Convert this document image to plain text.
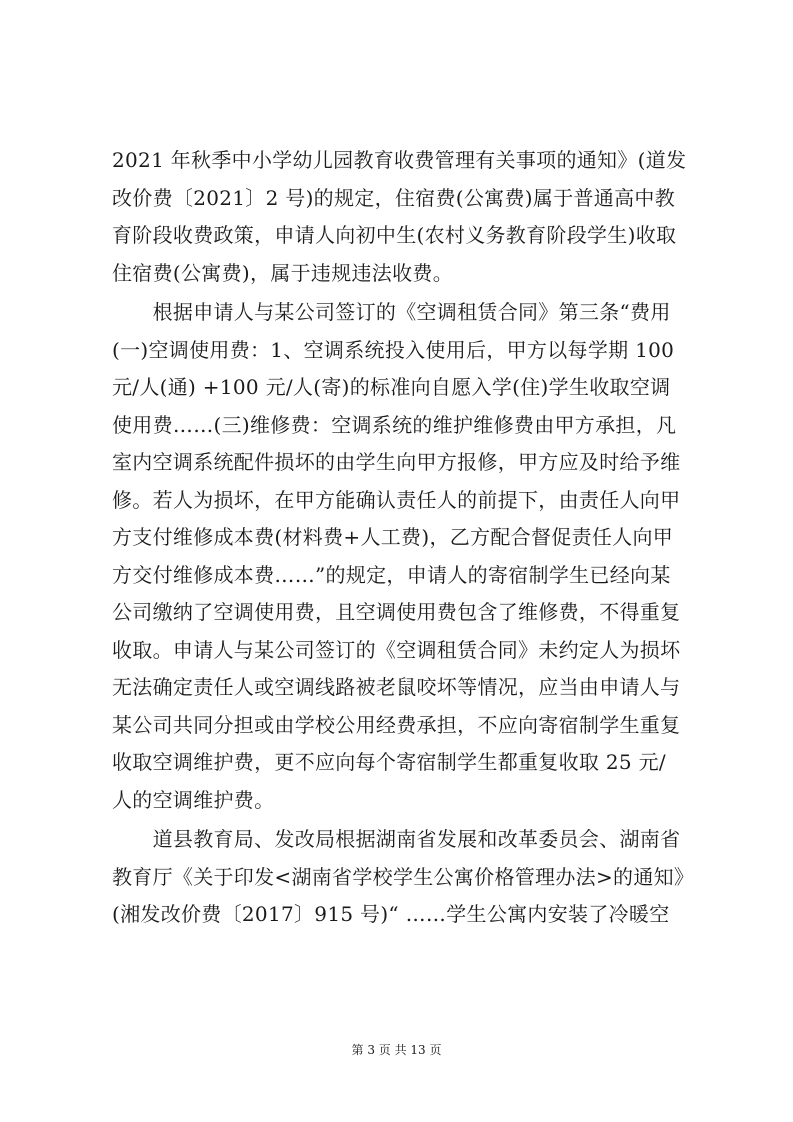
2021 年秋季中小学幼儿园教育收费管理有关事项的通知》(道发
改价费〔2021〕2 号)的规定，住宿费(公寓费)属于普通高中教
育阶段收费政策，申请人向初中生(农村义务教育阶段学生)收取
住宿费(公寓费)，属于违规违法收费。
　　根据申请人与某公司签订的《空调租赁合同》第三条“费用
(一)空调使用费：1、空调系统投入使用后，甲方以每学期 100
元/人(通) +100 元/人(寄)的标准向自愿入学(住)学生收取空调
使用费……(三)维修费：空调系统的维护维修费由甲方承担，凡
室内空调系统配件损坏的由学生向甲方报修，甲方应及时给予维
修。若人为损坏，在甲方能确认责任人的前提下，由责任人向甲
方支付维修成本费(材料费+人工费)，乙方配合督促责任人向甲
方交付维修成本费……”的规定，申请人的寄宿制学生已经向某
公司缴纳了空调使用费，且空调使用费包含了维修费，不得重复
收取。申请人与某公司签订的《空调租赁合同》未约定人为损坏
无法确定责任人或空调线路被老鼠咬坏等情况，应当由申请人与
某公司共同分担或由学校公用经费承担，不应向寄宿制学生重复
收取空调维护费，更不应向每个寄宿制学生都重复收取 25 元/
人的空调维护费。
　　道县教育局、发改局根据湖南省发展和改革委员会、湖南省
教育厅《关于印发<湖南省学校学生公寓价格管理办法>的通知》
(湘发改价费〔2017〕915 号)“ ……学生公寓内安装了冷暖空
第 3 页 共 13 页
